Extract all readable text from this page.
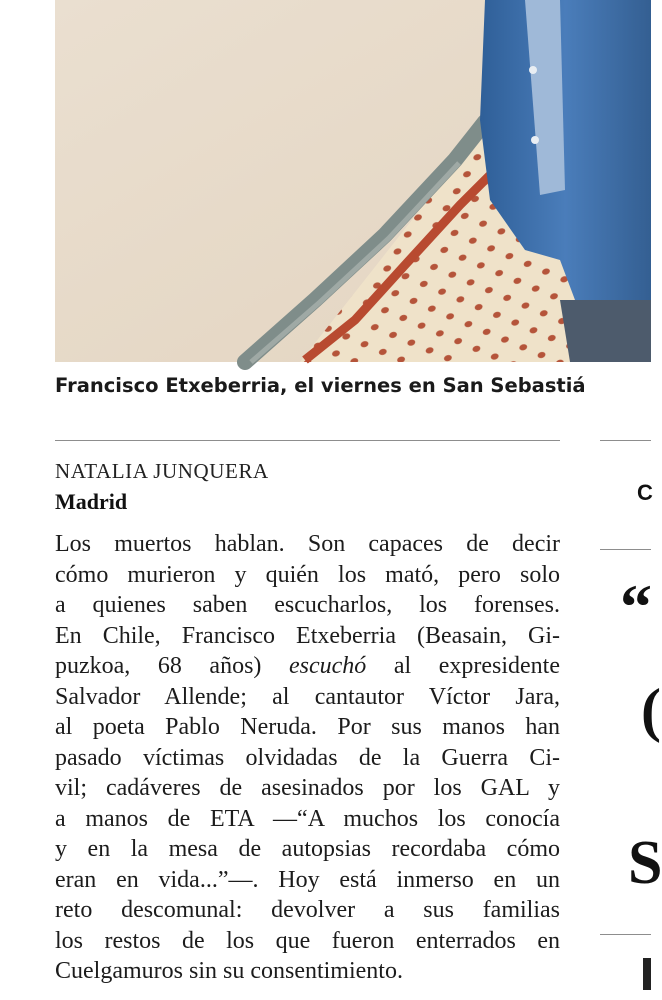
Francisco Etxeberria, el viernes en San Sebastiá
NATALIA JUNQUERA
Madrid
Los muertos hablan. Son capaces de decir
cómo murieron y quién los mató, pero solo
a quienes saben escucharlos, los forenses.
En Chile, Francisco Etxeberria (Beasain, Gi-
puzkoa, 68 años) escuchó al expresidente
Salvador Allende; al cantautor Víctor Jara,
al poeta Pablo Neruda. Por sus manos han
pasado víctimas olvidadas de la Guerra Ci-
vil; cadáveres de asesinados por los GAL y
a manos de ETA —“A muchos los conocía
y en la mesa de autopsias recordaba cómo
eran en vida...”—. Hoy está inmerso en un
reto descomunal: devolver a sus familias
los restos de los que fueron enterrados en
Cuelgamuros sin su consentimiento.
C
“
(
S
